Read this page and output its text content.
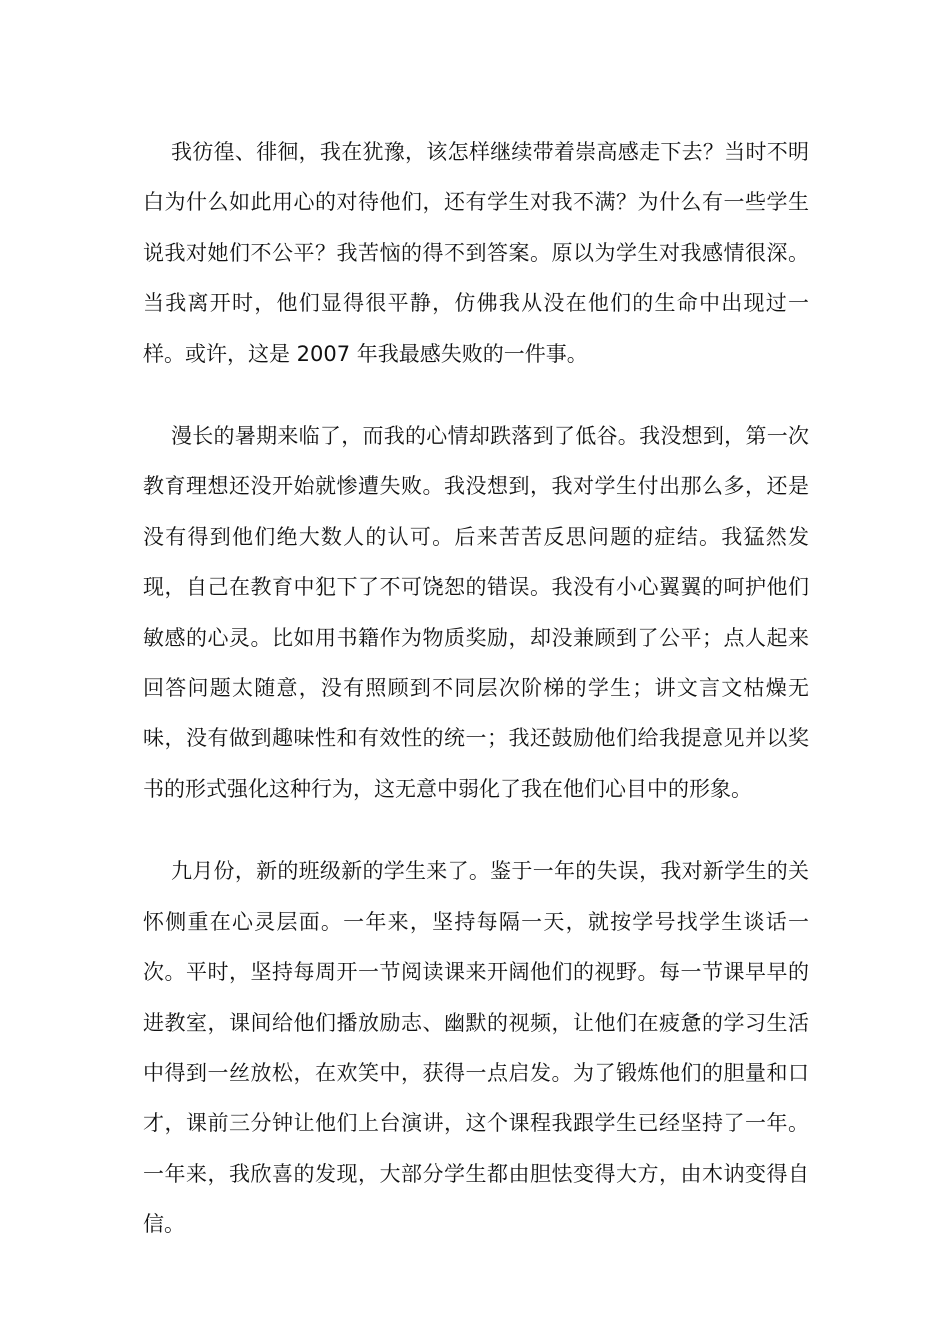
我彷徨、徘徊，我在犹豫，该怎样继续带着崇高感走下去？当时不明白为什么如此用心的对待他们，还有学生对我不满？为什么有一些学生说我对她们不公平？我苦恼的得不到答案。原以为学生对我感情很深。当我离开时，他们显得很平静，仿佛我从没在他们的生命中出现过一样。或许，这是 2007 年我最感失败的一件事。

漫长的暑期来临了，而我的心情却跌落到了低谷。我没想到，第一次教育理想还没开始就惨遭失败。我没想到，我对学生付出那么多，还是没有得到他们绝大数人的认可。后来苦苦反思问题的症结。我猛然发现，自己在教育中犯下了不可饶恕的错误。我没有小心翼翼的呵护他们敏感的心灵。比如用书籍作为物质奖励，却没兼顾到了公平；点人起来回答问题太随意，没有照顾到不同层次阶梯的学生；讲文言文枯燥无味，没有做到趣味性和有效性的统一；我还鼓励他们给我提意见并以奖书的形式强化这种行为，这无意中弱化了我在他们心目中的形象。

九月份，新的班级新的学生来了。鉴于一年的失误，我对新学生的关怀侧重在心灵层面。一年来，坚持每隔一天，就按学号找学生谈话一次。平时，坚持每周开一节阅读课来开阔他们的视野。每一节课早早的进教室，课间给他们播放励志、幽默的视频，让他们在疲惫的学习生活中得到一丝放松，在欢笑中，获得一点启发。为了锻炼他们的胆量和口才，课前三分钟让他们上台演讲，这个课程我跟学生已经坚持了一年。一年来，我欣喜的发现，大部分学生都由胆怯变得大方，由木讷变得自信。
